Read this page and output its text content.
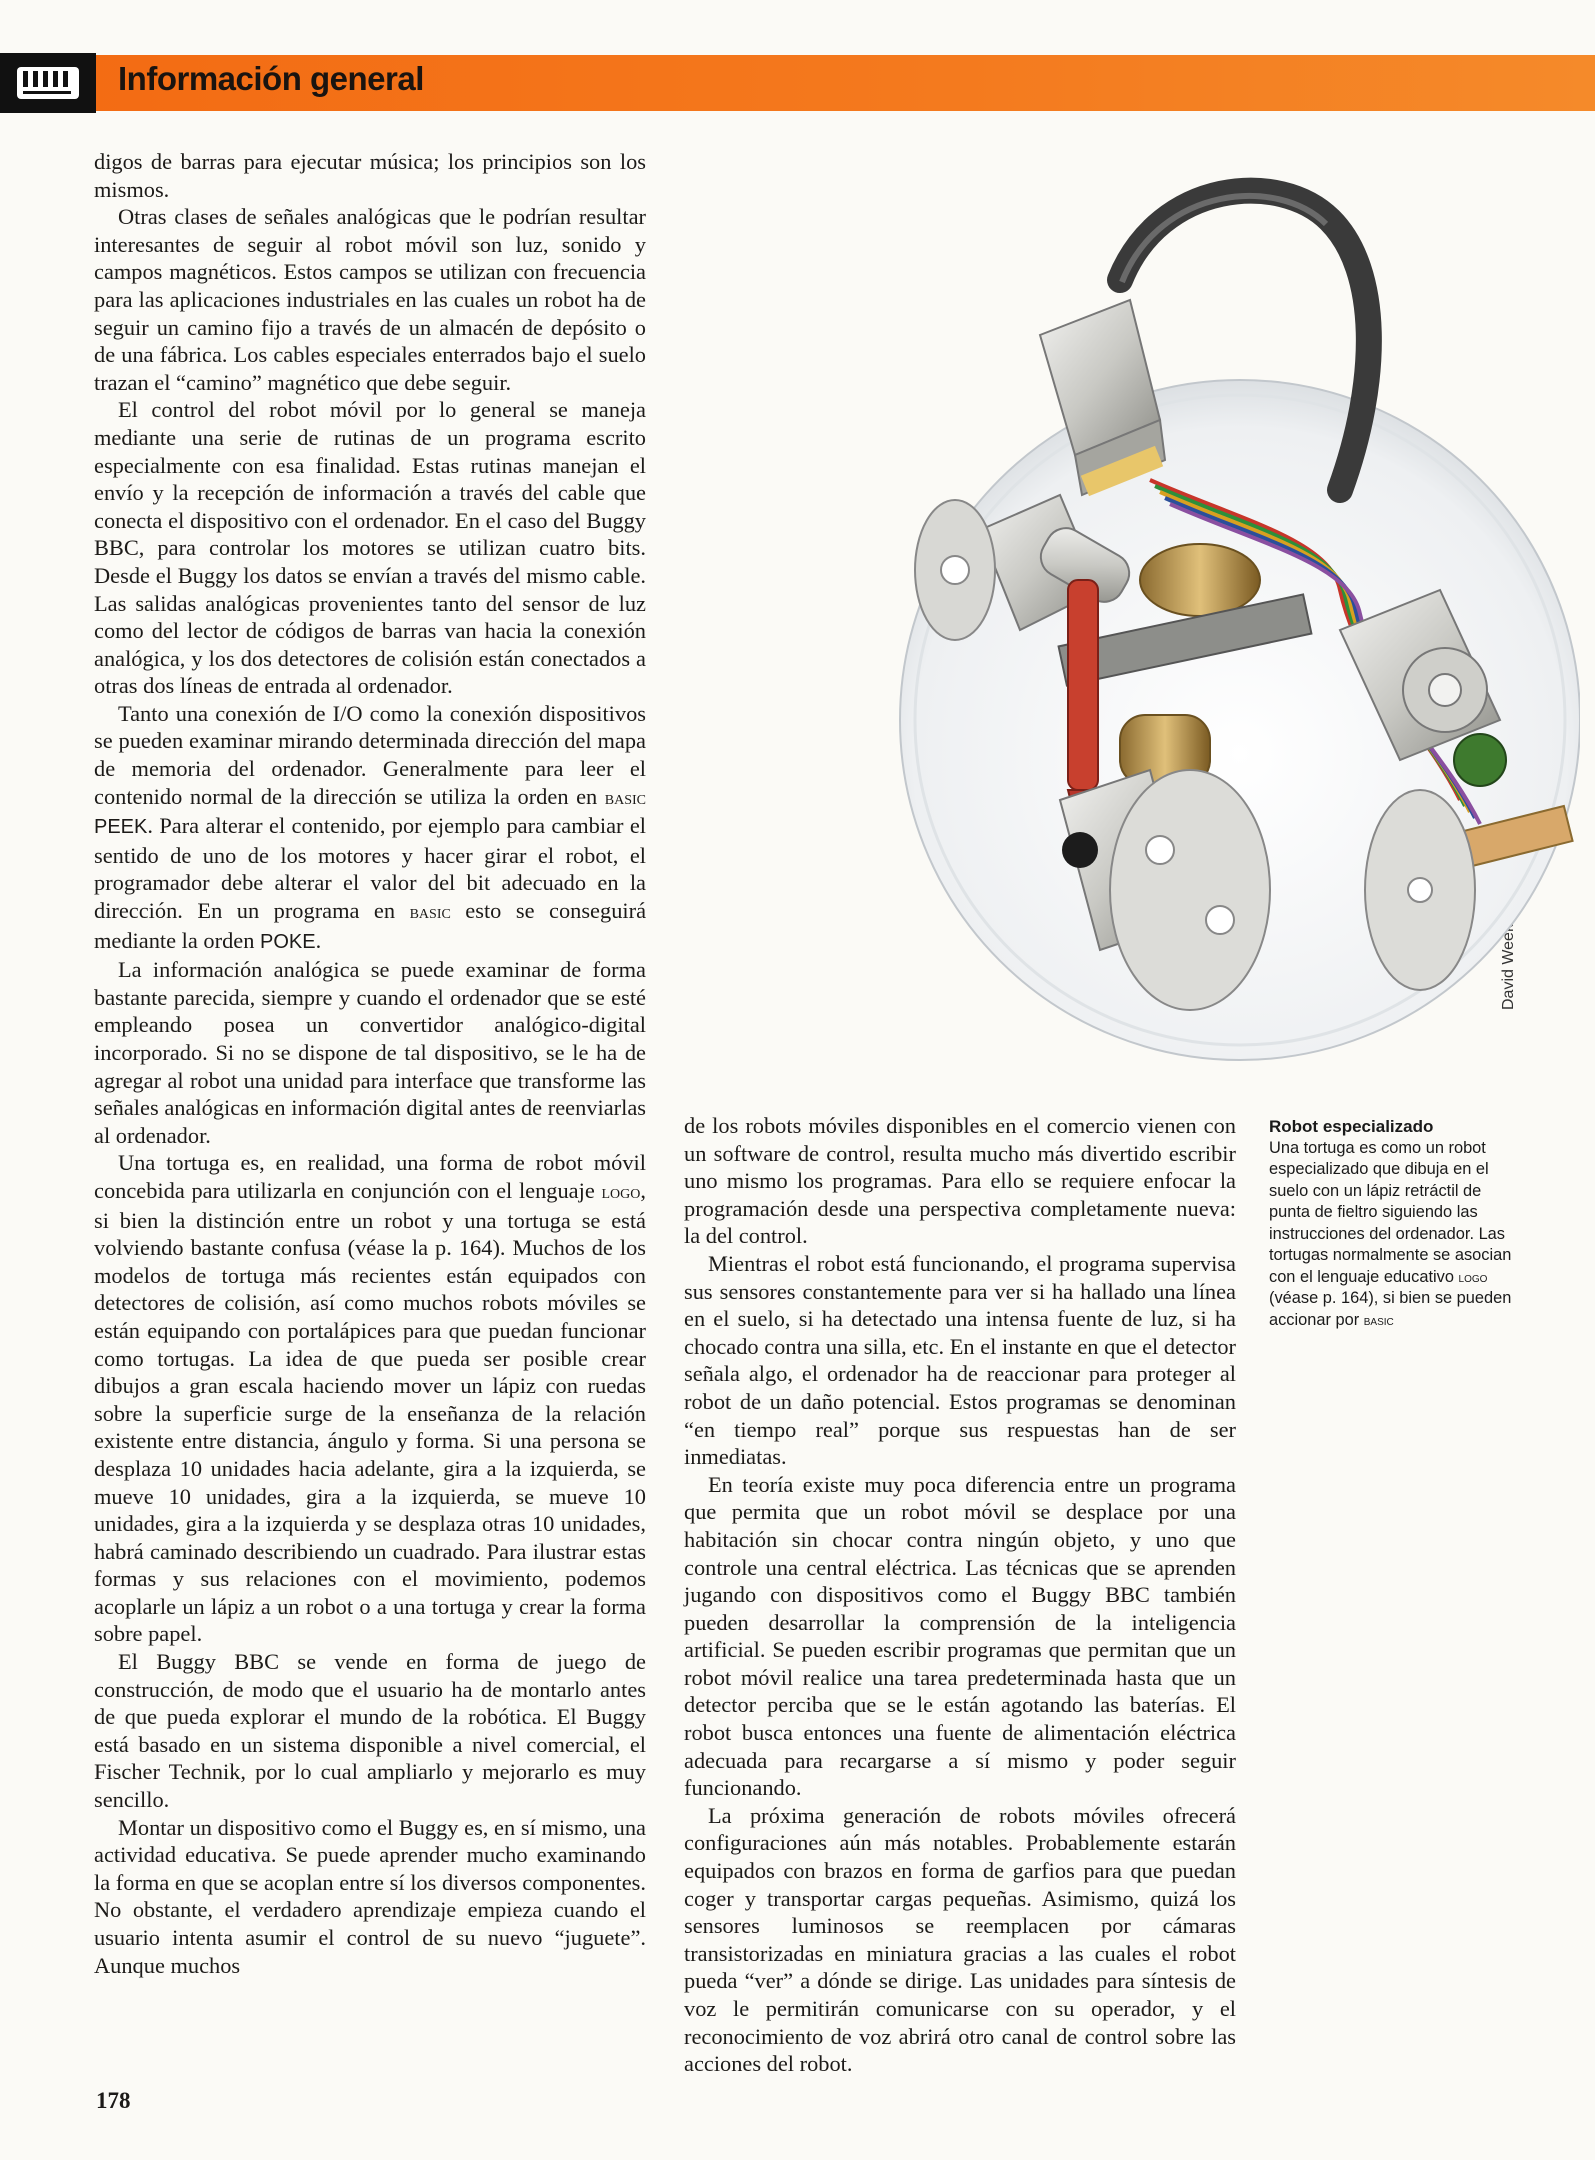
Información general

digos de barras para ejecutar música; los principios son los mismos.

Otras clases de señales analógicas que le podrían resultar interesantes de seguir al robot móvil son luz, sonido y campos magnéticos. Estos campos se utilizan con frecuencia para las aplicaciones industriales en las cuales un robot ha de seguir un camino fijo a través de un almacén de depósito o de una fábrica. Los cables especiales enterrados bajo el suelo trazan el “camino” magnético que debe seguir.

El control del robot móvil por lo general se maneja mediante una serie de rutinas de un programa escrito especialmente con esa finalidad. Estas rutinas manejan el envío y la recepción de información a través del cable que conecta el dispositivo con el ordenador. En el caso del Buggy BBC, para controlar los motores se utilizan cuatro bits. Desde el Buggy los datos se envían a través del mismo cable. Las salidas analógicas provenientes tanto del sensor de luz como del lector de códigos de barras van hacia la conexión analógica, y los dos detectores de colisión están conectados a otras dos líneas de entrada al ordenador.

Tanto una conexión de I/O como la conexión dispositivos se pueden examinar mirando determinada dirección del mapa de memoria del ordenador. Generalmente para leer el contenido normal de la dirección se utiliza la orden en basic PEEK. Para alterar el contenido, por ejemplo para cambiar el sentido de uno de los motores y hacer girar el robot, el programador debe alterar el valor del bit adecuado en la dirección. En un programa en basic esto se conseguirá mediante la orden POKE.

La información analógica se puede examinar de forma bastante parecida, siempre y cuando el ordenador que se esté empleando posea un convertidor analógico-digital incorporado. Si no se dispone de tal dispositivo, se le ha de agregar al robot una unidad para interface que transforme las señales analógicas en información digital antes de reenviarlas al ordenador.

Una tortuga es, en realidad, una forma de robot móvil concebida para utilizarla en conjunción con el lenguaje logo, si bien la distinción entre un robot y una tortuga se está volviendo bastante confusa (véase la p. 164). Muchos de los modelos de tortuga más recientes están equipados con detectores de colisión, así como muchos robots móviles se están equipando con portalápices para que puedan funcionar como tortugas. La idea de que pueda ser posible crear dibujos a gran escala haciendo mover un lápiz con ruedas sobre la superficie surge de la enseñanza de la relación existente entre distancia, ángulo y forma. Si una persona se desplaza 10 unidades hacia adelante, gira a la izquierda, se mueve 10 unidades, gira a la izquierda, se mueve 10 unidades, gira a la izquierda y se desplaza otras 10 unidades, habrá caminado describiendo un cuadrado. Para ilustrar estas formas y sus relaciones con el movimiento, podemos acoplarle un lápiz a un robot o a una tortuga y crear la forma sobre papel.

El Buggy BBC se vende en forma de juego de construcción, de modo que el usuario ha de montarlo antes de que pueda explorar el mundo de la robótica. El Buggy está basado en un sistema disponible a nivel comercial, el Fischer Technik, por lo cual ampliarlo y mejorarlo es muy sencillo.

Montar un dispositivo como el Buggy es, en sí mismo, una actividad educativa. Se puede aprender mucho examinando la forma en que se acoplan entre sí los diversos componentes. No obstante, el verdadero aprendizaje empieza cuando el usuario intenta asumir el control de su nuevo “juguete”. Aunque muchos

de los robots móviles disponibles en el comercio vienen con un software de control, resulta mucho más divertido escribir uno mismo los programas. Para ello se requiere enfocar la programación desde una perspectiva completamente nueva: la del control.

Mientras el robot está funcionando, el programa supervisa sus sensores constantemente para ver si ha hallado una línea en el suelo, si ha detectado una intensa fuente de luz, si ha chocado contra una silla, etc. En el instante en que el detector señala algo, el ordenador ha de reaccionar para proteger al robot de un daño potencial. Estos programas se denominan “en tiempo real” porque sus respuestas han de ser inmediatas.

En teoría existe muy poca diferencia entre un programa que permita que un robot móvil se desplace por una habitación sin chocar contra ningún objeto, y uno que controle una central eléctrica. Las técnicas que se aprenden jugando con dispositivos como el Buggy BBC también pueden desarrollar la comprensión de la inteligencia artificial. Se pueden escribir programas que permitan que un robot móvil realice una tarea predeterminada hasta que un detector perciba que se le están agotando las baterías. El robot busca entonces una fuente de alimentación eléctrica adecuada para recargarse a sí mismo y poder seguir funcionando.

La próxima generación de robots móviles ofrecerá configuraciones aún más notables. Probablemente estarán equipados con brazos en forma de garfios para que puedan coger y transportar cargas pequeñas. Asimismo, quizá los sensores luminosos se reemplacen por cámaras transistorizadas en miniatura gracias a las cuales el robot pueda “ver” a dónde se dirige. Las unidades para síntesis de voz le permitirán comunicarse con su operador, y el reconocimiento de voz abrirá otro canal de control sobre las acciones del robot.

Robot especializado
Una tortuga es como un robot especializado que dibuja en el suelo con un lápiz retráctil de punta de fieltro siguiendo las instrucciones del ordenador. Las tortugas normalmente se asocian con el lenguaje educativo logo (véase p. 164), si bien se pueden accionar por basic
David Weeks
178
